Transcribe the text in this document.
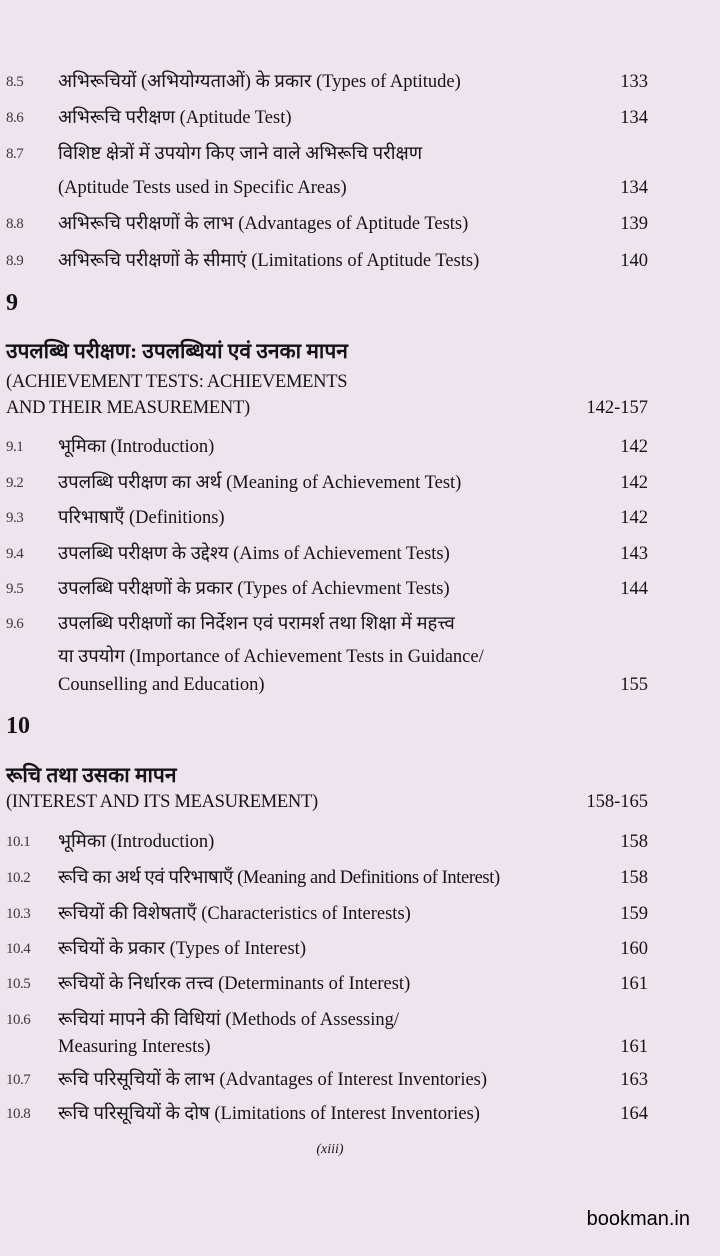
8.5 अभिरूचियों (अभियोग्यताओं) के प्रकार (Types of Aptitude)	133
8.6 अभिरूचि परीक्षण (Aptitude Test)	134
8.7 विशिष्ट क्षेत्रों में उपयोग किए जाने वाले अभिरूचि परीक्षण
(Aptitude Tests used in Specific Areas)	134
8.8 अभिरूचि परीक्षणों के लाभ (Advantages of Aptitude Tests)	139
8.9 अभिरूचि परीक्षणों के सीमाएं (Limitations of Aptitude Tests)	140
9
उपलब्धि परीक्षण: उपलब्धियां एवं उनका मापन
(ACHIEVEMENT TESTS: ACHIEVEMENTS
AND THEIR MEASUREMENT)	142-157
9.1 भूमिका (Introduction)	142
9.2 उपलब्धि परीक्षण का अर्थ (Meaning of Achievement Test)	142
9.3 परिभाषाएँ (Definitions)	142
9.4 उपलब्धि परीक्षण के उद्देश्य (Aims of Achievement Tests)	143
9.5 उपलब्धि परीक्षणों के प्रकार (Types of Achievment Tests)	144
9.6 उपलब्धि परीक्षणों का निर्देशन एवं परामर्श तथा शिक्षा में महत्त्व
या उपयोग (Importance of Achievement Tests in Guidance/
Counselling and Education)	155
10
रूचि तथा उसका मापन
(INTEREST AND ITS MEASUREMENT)	158-165
10.1 भूमिका (Introduction)	158
10.2 रूचि का अर्थ एवं परिभाषाएँ (Meaning and Definitions of Interest)	158
10.3 रूचियों की विशेषताएँ (Characteristics of Interests)	159
10.4 रूचियों के प्रकार (Types of Interest)	160
10.5 रूचियों के निर्धारक तत्त्व (Determinants of Interest)	161
10.6 रूचियां मापने की विधियां (Methods of Assessing/
Measuring Interests)	161
10.7 रूचि परिसूचियों के लाभ (Advantages of Interest Inventories)	163
10.8 रूचि परिसूचियों के दोष (Limitations of Interest Inventories)	164
(xiii)
bookman.in
